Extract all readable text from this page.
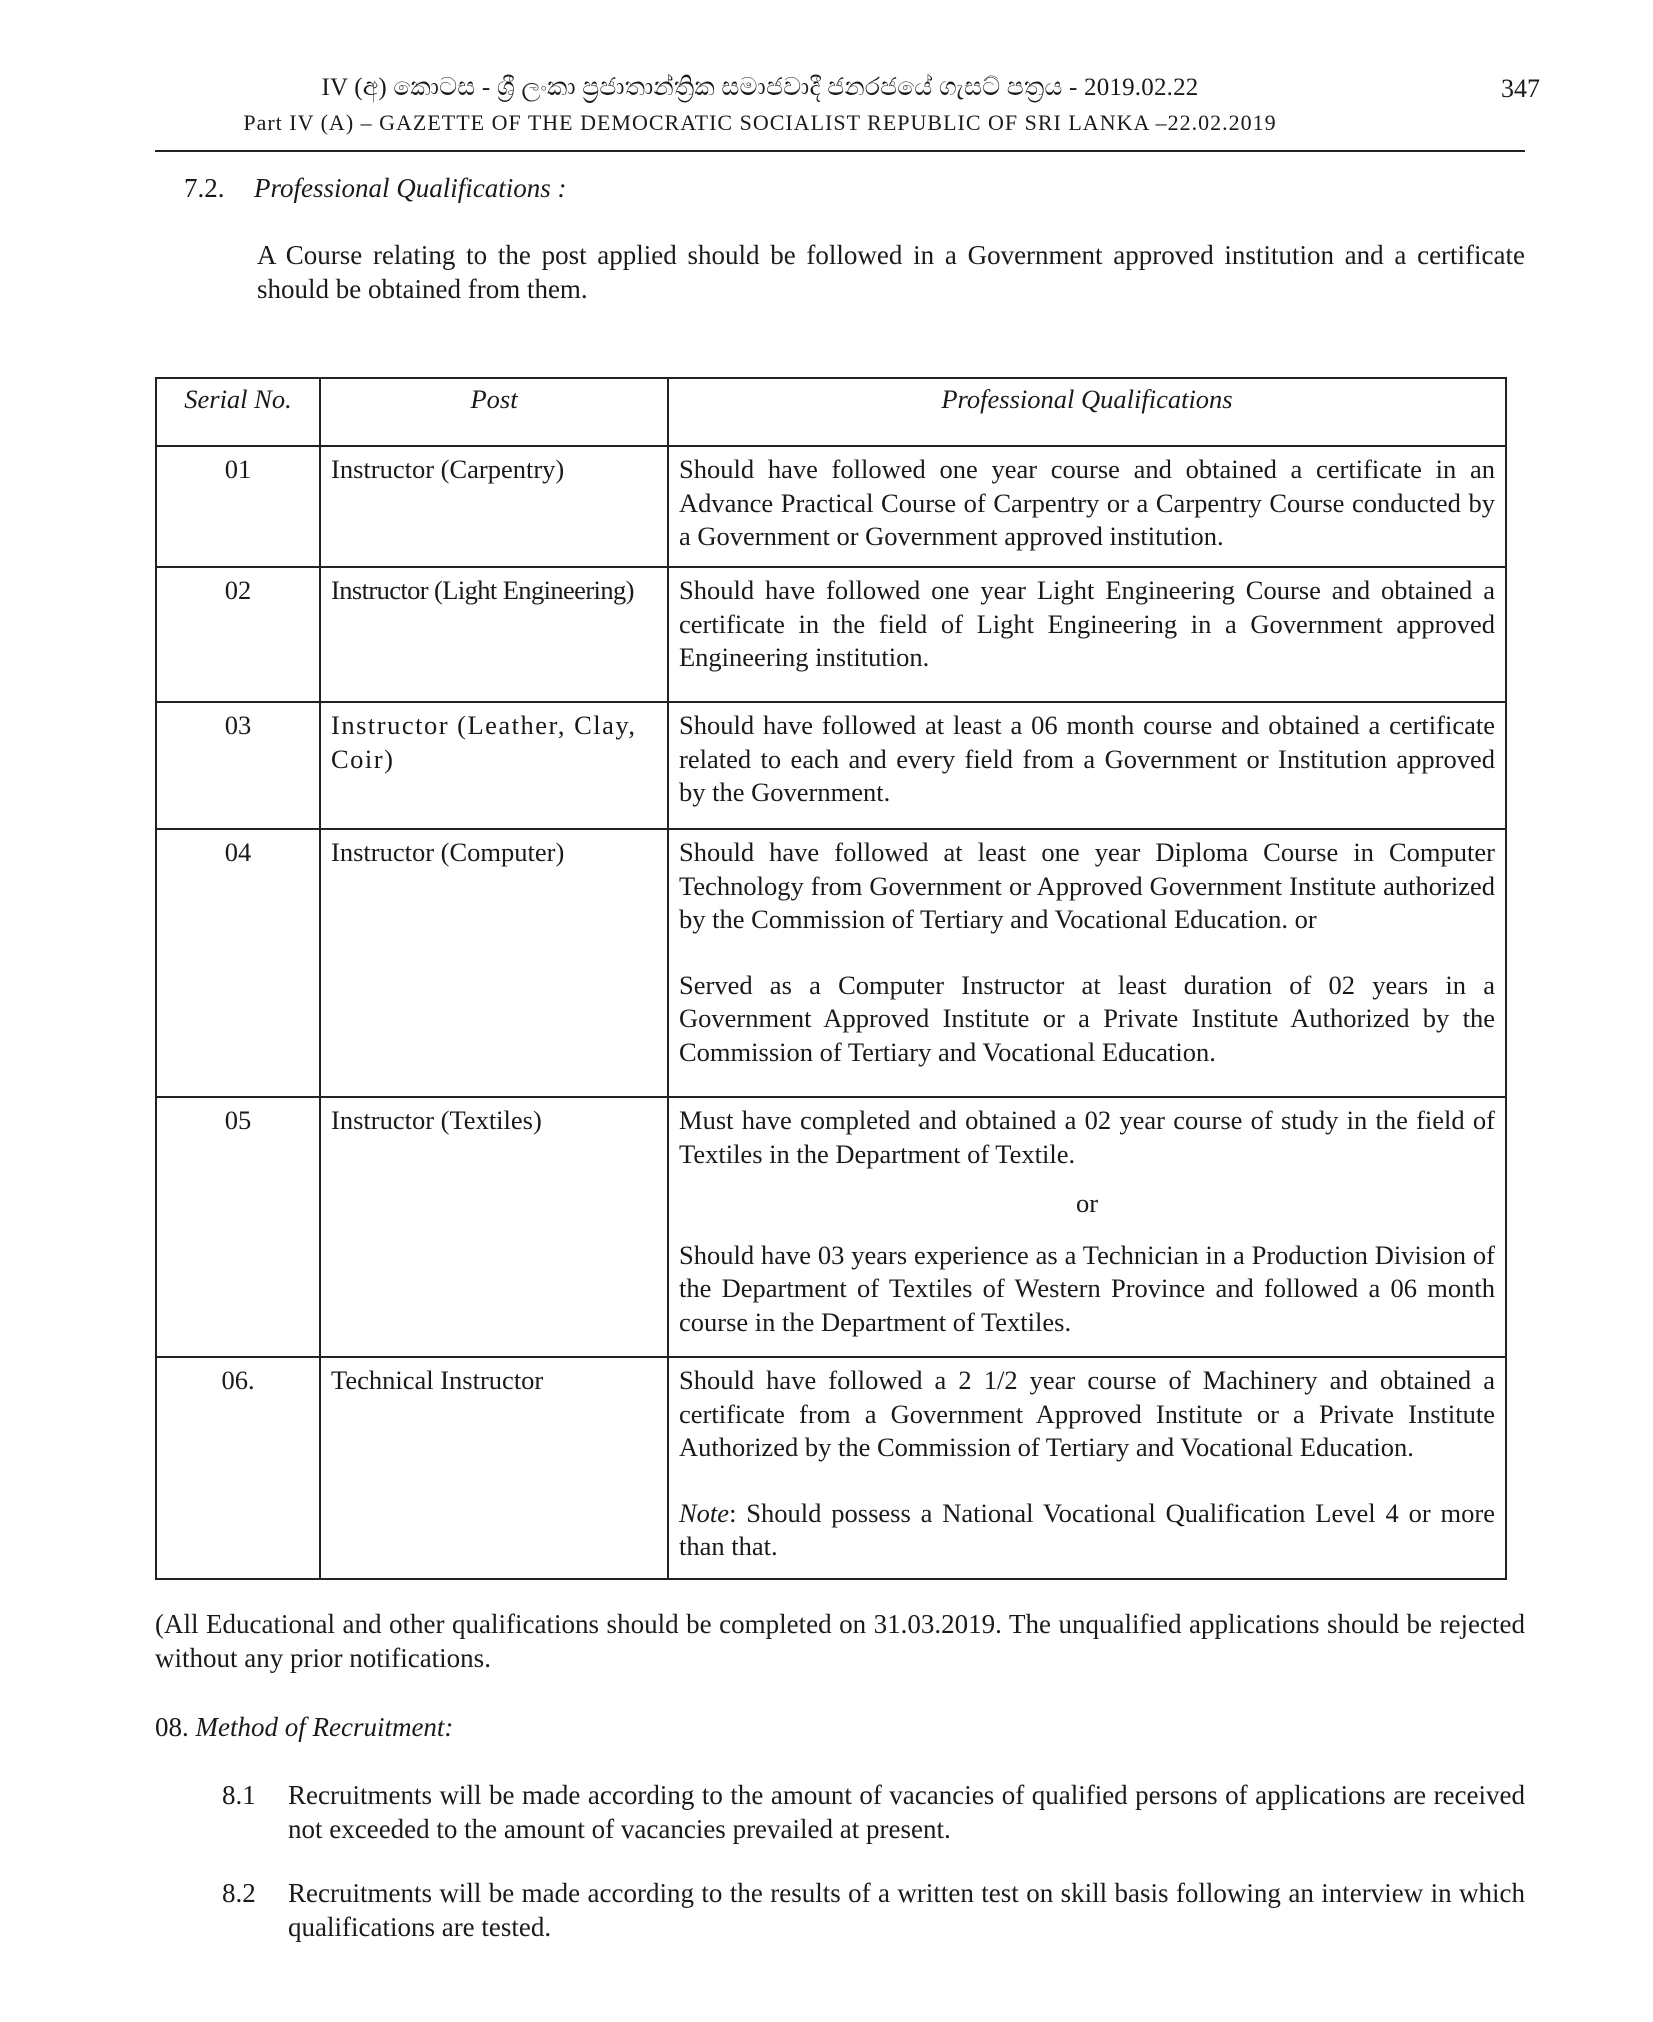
IV (අ) කොටස - ශ්‍රී ලංකා ප්‍රජාතාන්ත්‍රික සමාජවාදී ජනරජයේ ගැසට් පත්‍රය - 2019.02.22
Part IV (A) – GAZETTE OF THE DEMOCRATIC SOCIALIST REPUBLIC OF SRI LANKA –22.02.2019
347
7.2. Professional Qualifications :
A Course relating to the post applied should be followed in a Government approved institution and a certificate should be obtained from them.
Serial No.	Post	Professional Qualifications
01	Instructor (Carpentry)	Should have followed one year course and obtained a certificate in an Advance Practical Course of Carpentry or a Carpentry Course conducted by a Government or Government approved institution.

02	Instructor (Light Engineering)	Should have followed one year Light Engineering Course and obtained a certificate in the field of Light Engineering in a Government approved Engineering institution.

03	Instructor (Leather, Clay, Coir)	Should have followed at least a 06 month course and obtained a certificate related to each and every field from a Government or Institution approved by the Government.

04	Instructor (Computer)	Should have followed at least one year Diploma Course in Computer Technology from Government or Approved Government Institute authorized by the Commission of Tertiary and Vocational Education. or

Served as a Computer Instructor at least duration of 02 years in a Government Approved Institute or a Private Institute Authorized by the Commission of Tertiary and Vocational Education.

05	Instructor (Textiles)	Must have completed and obtained a 02 year course of study in the field of Textiles in the Department of Textile.

or

Should have 03 years experience as a Technician in a Production Division of the Department of Textiles of Western Province and followed a 06 month course in the Department of Textiles.

06.	Technical Instructor	Should have followed a 2 1/2 year course of Machinery and obtained a certificate from a Government Approved Institute or a Private Institute Authorized by the Commission of Tertiary and Vocational Education.

Note: Should possess a National Vocational Qualification Level 4 or more than that.

(All Educational and other qualifications should be completed on 31.03.2019. The unqualified applications should be rejected without any prior notifications.
08. Method of Recruitment:
8.1	Recruitments will be made according to the amount of vacancies of qualified persons of applications are received not exceeded to the amount of vacancies prevailed at present.
8.2	Recruitments will be made according to the results of a written test on skill basis following an interview in which qualifications are tested.
